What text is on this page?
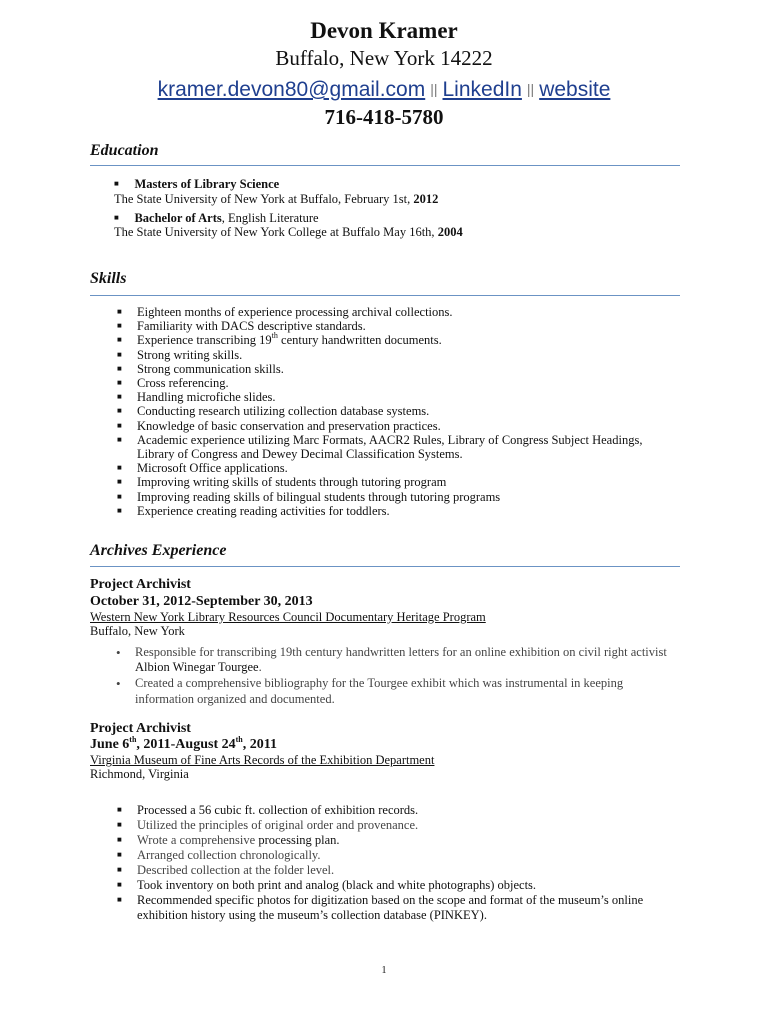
Devon Kramer
Buffalo, New York 14222
kramer.devon80@gmail.com || LinkedIn || website
716-418-5780
Education
■ Masters of Library Science
The State University of New York at Buffalo, February 1st, 2012
■ Bachelor of Arts, English Literature
The State University of New York College at Buffalo May 16th, 2004
Skills
■ Eighteen months of experience processing archival collections.
■ Familiarity with DACS descriptive standards.
■ Experience transcribing 19th century handwritten documents.
■ Strong writing skills.
■ Strong communication skills.
■ Cross referencing.
■ Handling microfiche slides.
■ Conducting research utilizing collection database systems.
■ Knowledge of basic conservation and preservation practices.
■ Academic experience utilizing Marc Formats, AACR2 Rules, Library of Congress Subject Headings, Library of Congress and Dewey Decimal Classification Systems.
■ Microsoft Office applications.
■ Improving writing skills of students through tutoring program
■ Improving reading skills of bilingual students through tutoring programs
■ Experience creating reading activities for toddlers.
Archives Experience
Project Archivist
October 31, 2012-September 30, 2013
Western New York Library Resources Council Documentary Heritage Program
Buffalo, New York
• Responsible for transcribing 19th century handwritten letters for an online exhibition on civil right activist Albion Winegar Tourgee.
• Created a comprehensive bibliography for the Tourgee exhibit which was instrumental in keeping information organized and documented.
Project Archivist
June 6th, 2011-August 24th, 2011
Virginia Museum of Fine Arts Records of the Exhibition Department
Richmond, Virginia
■ Processed a 56 cubic ft. collection of exhibition records.
■ Utilized the principles of original order and provenance.
■ Wrote a comprehensive processing plan.
■ Arranged collection chronologically.
■ Described collection at the folder level.
■ Took inventory on both print and analog (black and white photographs) objects.
■ Recommended specific photos for digitization based on the scope and format of the museum’s online exhibition history using the museum’s collection database (PINKEY).
1
